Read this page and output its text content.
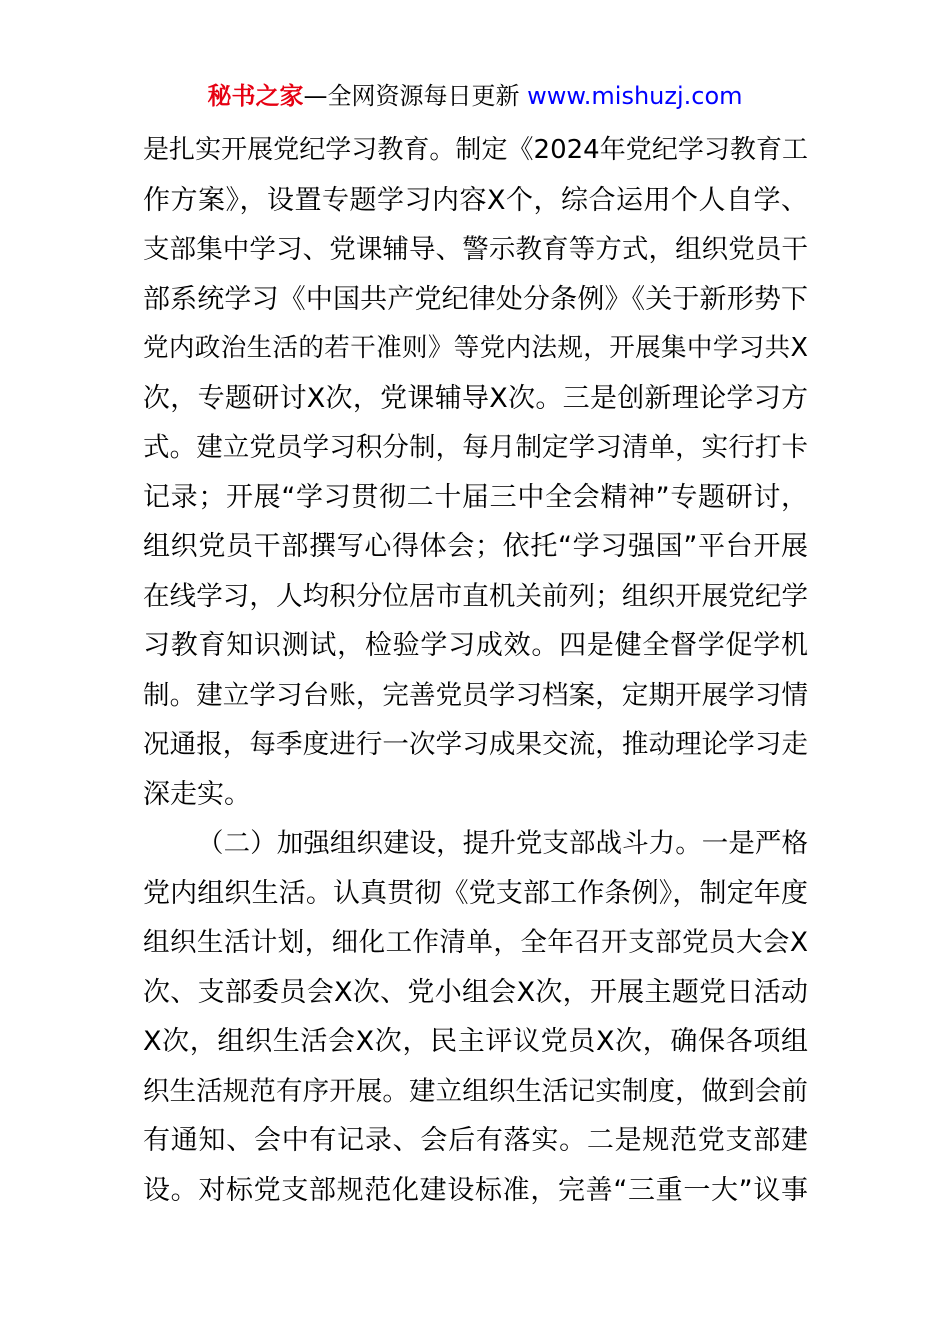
秘书之家—全网资源每日更新 www.mishuzj.com
是扎实开展党纪学习教育。制定《2024年党纪学习教育工
作方案》，设置专题学习内容X个，综合运用个人自学、
支部集中学习、党课辅导、警示教育等方式，组织党员干
部系统学习《中国共产党纪律处分条例》《关于新形势下
党内政治生活的若干准则》等党内法规，开展集中学习共X
次，专题研讨X次，党课辅导X次。三是创新理论学习方
式。建立党员学习积分制，每月制定学习清单，实行打卡
记录；开展“学习贯彻二十届三中全会精神”专题研讨，
组织党员干部撰写心得体会；依托“学习强国”平台开展
在线学习，人均积分位居市直机关前列；组织开展党纪学
习教育知识测试，检验学习成效。四是健全督学促学机
制。建立学习台账，完善党员学习档案，定期开展学习情
况通报，每季度进行一次学习成果交流，推动理论学习走
深走实。
（二）加强组织建设，提升党支部战斗力。一是严格
党内组织生活。认真贯彻《党支部工作条例》，制定年度
组织生活计划，细化工作清单，全年召开支部党员大会X
次、支部委员会X次、党小组会X次，开展主题党日活动
X次，组织生活会X次，民主评议党员X次，确保各项组
织生活规范有序开展。建立组织生活记实制度，做到会前
有通知、会中有记录、会后有落实。二是规范党支部建
设。对标党支部规范化建设标准，完善“三重一大”议事
